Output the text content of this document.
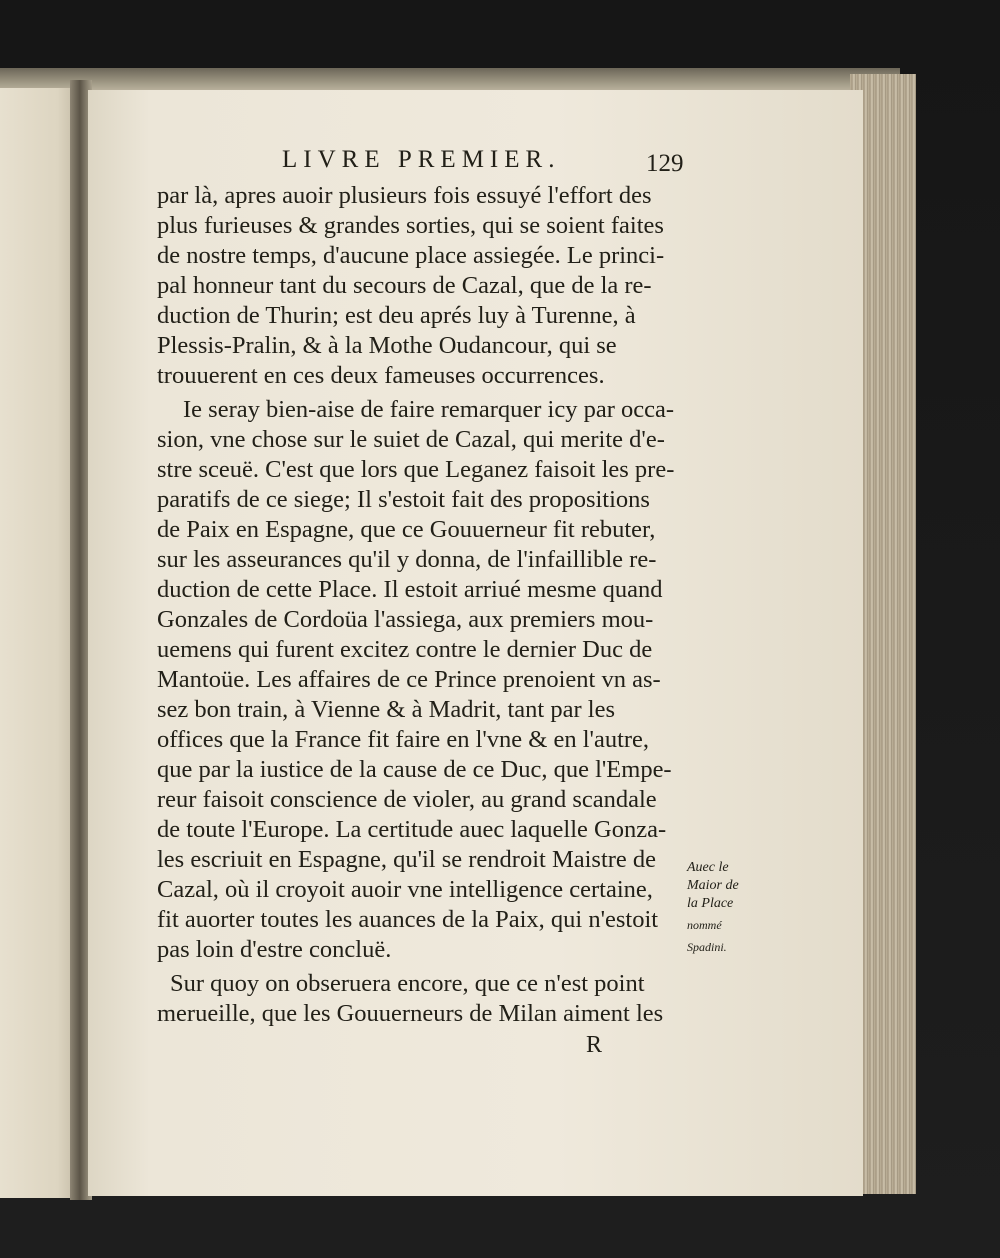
LIVRE PREMIER.	129
par là, apres auoir plusieurs fois essuyé l'effort des
plus furieuses & grandes sorties, qui se soient faites
de nostre temps, d'aucune place assiegée. Le princi-
pal honneur tant du secours de Cazal, que de la re-
duction de Thurin; est deu aprés luy à Turenne, à
Plessis-Pralin, & à la Mothe Oudancour, qui se
trouuerent en ces deux fameuses occurrences.
Ie seray bien-aise de faire remarquer icy par occa-
sion, vne chose sur le suiet de Cazal, qui merite d'e-
stre sceuë. C'est que lors que Leganez faisoit les pre-
paratifs de ce siege; Il s'estoit fait des propositions
de Paix en Espagne, que ce Gouuerneur fit rebuter,
sur les asseurances qu'il y donna, de l'infaillible re-
duction de cette Place. Il estoit arriué mesme quand
Gonzales de Cordoüa l'assiega, aux premiers mou-
uemens qui furent excitez contre le dernier Duc de
Mantoüe. Les affaires de ce Prince prenoient vn as-
sez bon train, à Vienne & à Madrit, tant par les
offices que la France fit faire en l'vne & en l'autre,
que par la iustice de la cause de ce Duc, que l'Empe-
reur faisoit conscience de violer, au grand scandale
de toute l'Europe. La certitude auec laquelle Gonza-
les escriuit en Espagne, qu'il se rendroit Maistre de
Cazal, où il croyoit auoir vne intelligence certaine,
fit auorter toutes les auances de la Paix, qui n'estoit
pas loin d'estre concluë.
Sur quoy on obseruera encore, que ce n'est point
merueille, que les Gouuerneurs de Milan aiment les
Auec le
Maior de
la Place
nommé
Spadini.
R
